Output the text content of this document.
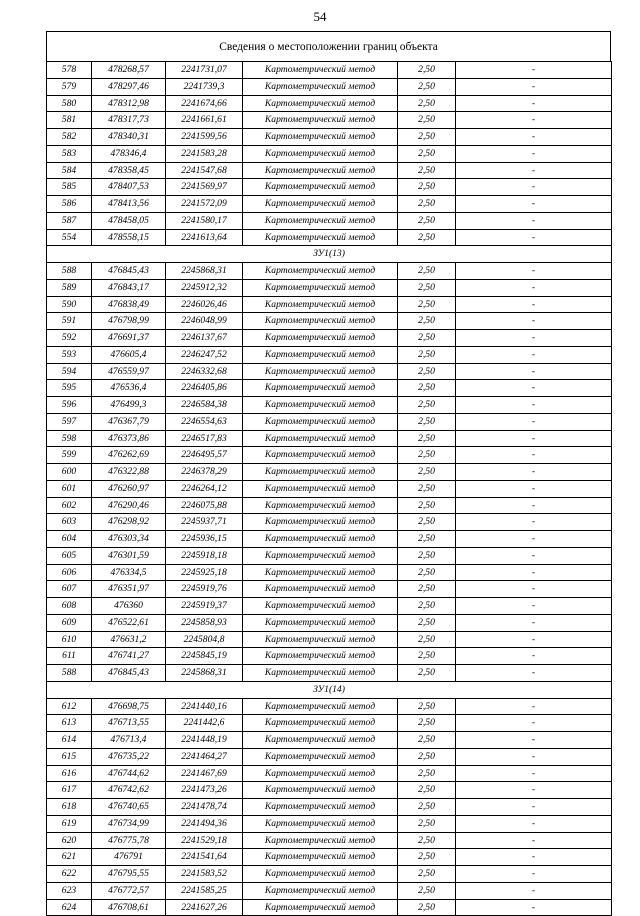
54
Сведения о местоположении границ объекта
578	478268,57	2241731,07	Картометрический метод	2,50	-
579	478297,46	2241739,3	Картометрический метод	2,50	-
580	478312,98	2241674,66	Картометрический метод	2,50	-
581	478317,73	2241661,61	Картометрический метод	2,50	-
582	478340,31	2241599,56	Картометрический метод	2,50	-
583	478346,4	2241583,28	Картометрический метод	2,50	-
584	478358,45	2241547,68	Картометрический метод	2,50	-
585	478407,53	2241569,97	Картометрический метод	2,50	-
586	478413,56	2241572,09	Картометрический метод	2,50	-
587	478458,05	2241580,17	Картометрический метод	2,50	-
554	478558,15	2241613,64	Картометрический метод	2,50	-
ЗУ1(13)					
588	476845,43	2245868,31	Картометрический метод	2,50	-
589	476843,17	2245912,32	Картометрический метод	2,50	-
590	476838,49	2246026,46	Картометрический метод	2,50	-
591	476798,99	2246048,99	Картометрический метод	2,50	-
592	476691,37	2246137,67	Картометрический метод	2,50	-
593	476605,4	2246247,52	Картометрический метод	2,50	-
594	476559,97	2246332,68	Картометрический метод	2,50	-
595	476536,4	2246405,86	Картометрический метод	2,50	-
596	476499,3	2246584,38	Картометрический метод	2,50	-
597	476367,79	2246554,63	Картометрический метод	2,50	-
598	476373,86	2246517,83	Картометрический метод	2,50	-
599	476262,69	2246495,57	Картометрический метод	2,50	-
600	476322,88	2246378,29	Картометрический метод	2,50	-
601	476260,97	2246264,12	Картометрический метод	2,50	-
602	476290,46	2246075,88	Картометрический метод	2,50	-
603	476298,92	2245937,71	Картометрический метод	2,50	-
604	476303,34	2245936,15	Картометрический метод	2,50	-
605	476301,59	2245918,18	Картометрический метод	2,50	-
606	476334,5	2245925,18	Картометрический метод	2,50	-
607	476351,97	2245919,76	Картометрический метод	2,50	-
608	476360	2245919,37	Картометрический метод	2,50	-
609	476522,61	2245858,93	Картометрический метод	2,50	-
610	476631,2	2245804,8	Картометрический метод	2,50	-
611	476741,27	2245845,19	Картометрический метод	2,50	-
588	476845,43	2245868,31	Картометрический метод	2,50	-
ЗУ1(14)					
612	476698,75	2241440,16	Картометрический метод	2,50	-
613	476713,55	2241442,6	Картометрический метод	2,50	-
614	476713,4	2241448,19	Картометрический метод	2,50	-
615	476735,22	2241464,27	Картометрический метод	2,50	-
616	476744,62	2241467,69	Картометрический метод	2,50	-
617	476742,62	2241473,26	Картометрический метод	2,50	-
618	476740,65	2241478,74	Картометрический метод	2,50	-
619	476734,99	2241494,36	Картометрический метод	2,50	-
620	476775,78	2241529,18	Картометрический метод	2,50	-
621	476791	2241541,64	Картометрический метод	2,50	-
622	476795,55	2241583,52	Картометрический метод	2,50	-
623	476772,57	2241585,25	Картометрический метод	2,50	-
624	476708,61	2241627,26	Картометрический метод	2,50	-
